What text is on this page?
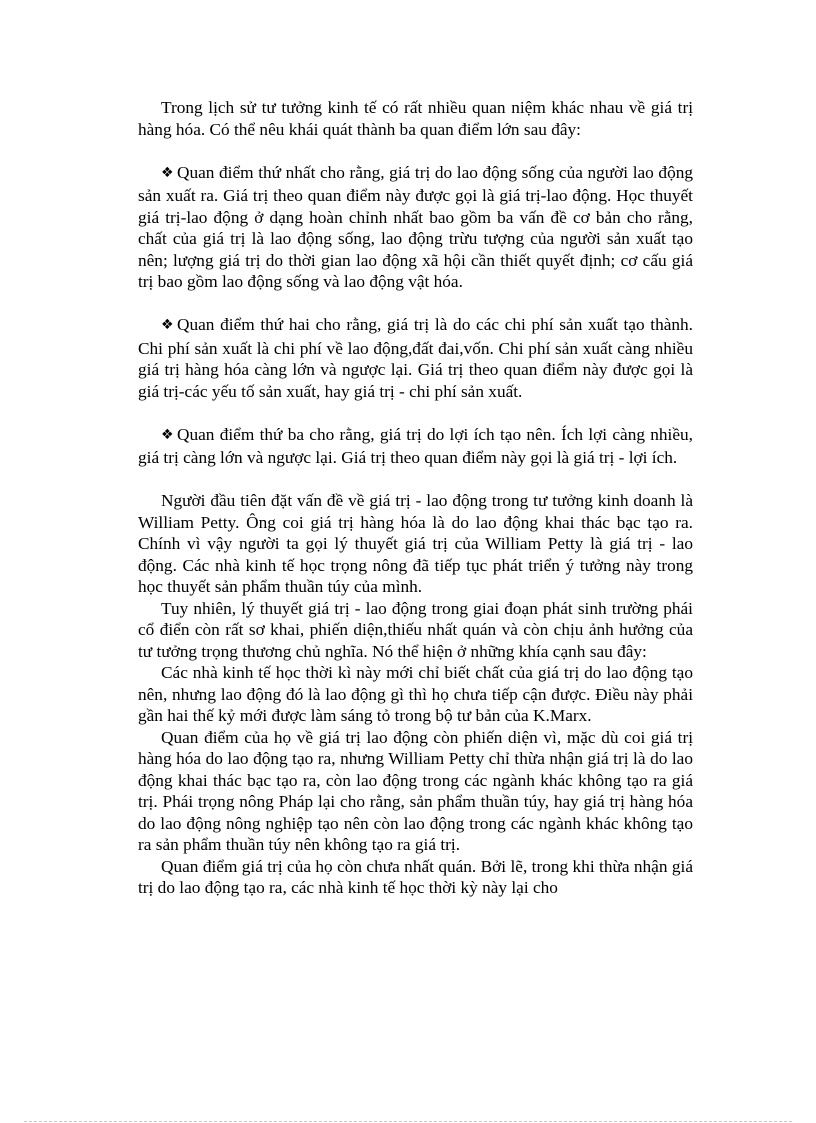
Trong lịch sử tư tưởng kinh tế có rất nhiều quan niệm khác nhau về giá trị hàng hóa. Có thể nêu khái quát thành ba quan điểm lớn sau đây:

❖ Quan điểm thứ nhất cho rằng, giá trị do lao động sống của người lao động sản xuất ra. Giá trị theo quan điểm này được gọi là giá trị-lao động. Học thuyết giá trị-lao động ở dạng hoàn chỉnh nhất bao gồm ba vấn đề cơ bản cho rằng, chất của giá trị là lao động sống, lao động trừu tượng của người sản xuất tạo nên; lượng giá trị do thời gian lao động xã hội cần thiết quyết định; cơ cấu giá trị bao gồm lao động sống và lao động vật hóa.

❖ Quan điểm thứ hai cho rằng, giá trị là do các chi phí sản xuất tạo thành. Chi phí sản xuất là chi phí về lao động,đất đai,vốn. Chi phí sản xuất càng nhiều giá trị hàng hóa càng lớn và ngược lại. Giá trị theo quan điểm này được gọi là giá trị-các yếu tố sản xuất, hay giá trị - chi phí sản xuất.

❖ Quan điểm thứ ba cho rằng, giá trị do lợi ích tạo nên. Ích lợi càng nhiều, giá trị càng lớn và ngược lại. Giá trị theo quan điểm này gọi là giá trị - lợi ích.

Người đầu tiên đặt vấn đề về giá trị - lao động trong tư tưởng kinh doanh là William Petty. Ông coi giá trị hàng hóa là do lao động khai thác bạc tạo ra. Chính vì vậy người ta gọi lý thuyết giá trị của William Petty là giá trị - lao động. Các nhà kinh tế học trọng nông đã tiếp tục phát triển ý tưởng này trong học thuyết sản phẩm thuần túy của mình.

Tuy nhiên, lý thuyết giá trị - lao động trong giai đoạn phát sinh trường phái cổ điển còn rất sơ khai, phiến diện,thiếu nhất quán và còn chịu ảnh hưởng của tư tưởng trọng thương chủ nghĩa. Nó thể hiện ở những khía cạnh sau đây:

Các nhà kinh tế học thời kì này mới chỉ biết chất của giá trị do lao động tạo nên, nhưng lao động đó là lao động gì thì họ chưa tiếp cận được. Điều này phải gần hai thế kỷ mới được làm sáng tỏ trong bộ tư bản của K.Marx.

Quan điểm của họ về giá trị lao động còn phiến diện vì, mặc dù coi giá trị hàng hóa do lao động tạo ra, nhưng William Petty chỉ thừa nhận giá trị là do lao động khai thác bạc tạo ra, còn lao động trong các ngành khác không tạo ra giá trị. Phái trọng nông Pháp lại cho rằng, sản phẩm thuần túy, hay giá trị hàng hóa do lao động nông nghiệp tạo nên còn lao động trong các ngành khác không tạo ra sản phẩm thuần túy nên không tạo ra giá trị.

Quan điểm giá trị của họ còn chưa nhất quán. Bởi lẽ, trong khi thừa nhận giá trị do lao động tạo ra, các nhà kinh tế học thời kỳ này lại cho
